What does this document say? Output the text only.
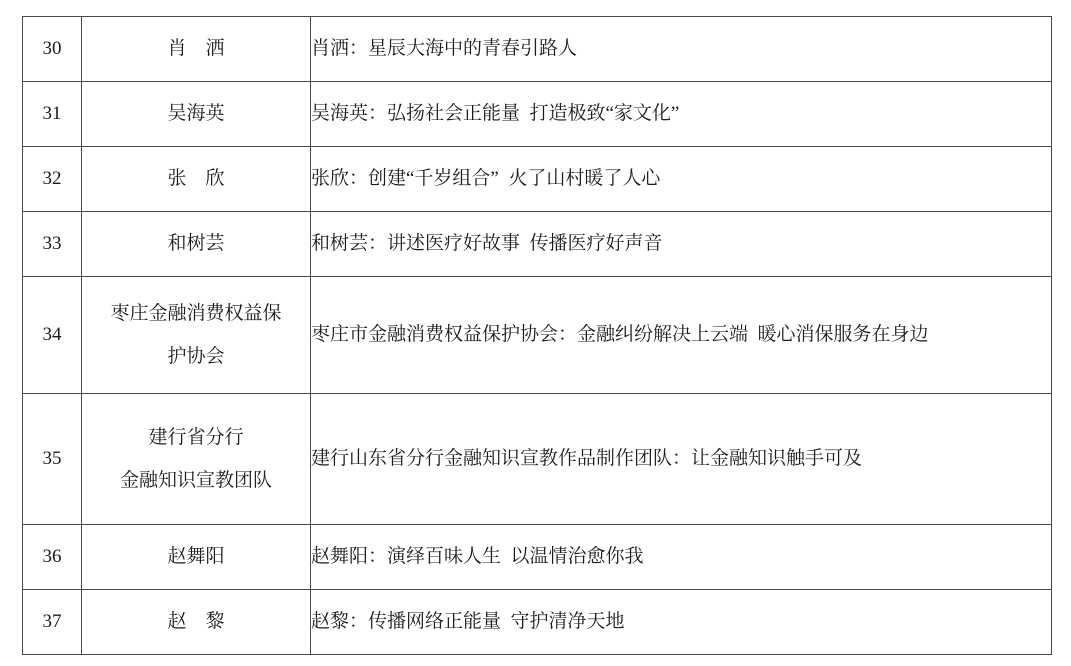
30	肖　洒	肖洒：星辰大海中的青春引路人

31	吴海英	吴海英：弘扬社会正能量  打造极致“家文化”

32	张　欣	张欣：创建“千岁组合”  火了山村暖了人心

33	和树芸	和树芸：讲述医疗好故事  传播医疗好声音

34	枣庄金融消费权益保
护协会	枣庄市金融消费权益保护协会：金融纠纷解决上云端  暖心消保服务在身边

35	建行省分行
金融知识宣教团队	建行山东省分行金融知识宣教作品制作团队：让金融知识触手可及

36	赵舞阳	赵舞阳：演绎百味人生  以温情治愈你我

37	赵　黎	赵黎：传播网络正能量  守护清净天地
